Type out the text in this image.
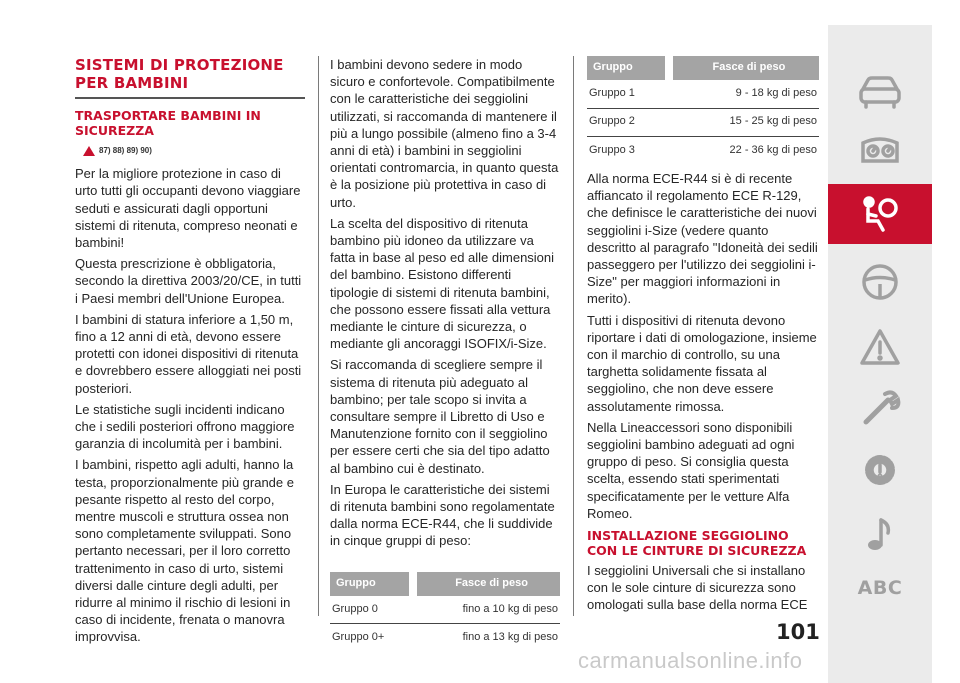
SISTEMI DI PROTEZIONE PER BAMBINI
TRASPORTARE BAMBINI IN SICUREZZA
87) 88) 89) 90)

Per la migliore protezione in caso di urto tutti gli occupanti devono viaggiare seduti e assicurati dagli opportuni sistemi di ritenuta, compreso neonati e bambini!

Questa prescrizione è obbligatoria, secondo la direttiva 2003/20/CE, in tutti i Paesi membri dell'Unione Europea.

I bambini di statura inferiore a 1,50 m, fino a 12 anni di età, devono essere protetti con idonei dispositivi di ritenuta e dovrebbero essere alloggiati nei posti posteriori.

Le statistiche sugli incidenti indicano che i sedili posteriori offrono maggiore garanzia di incolumità per i bambini.

I bambini, rispetto agli adulti, hanno la testa, proporzionalmente più grande e pesante rispetto al resto del corpo, mentre muscoli e struttura ossea non sono completamente sviluppati. Sono pertanto necessari, per il loro corretto trattenimento in caso di urto, sistemi diversi dalle cinture degli adulti, per ridurre al minimo il rischio di lesioni in caso di incidente, frenata o manovra improvvisa.

I bambini devono sedere in modo sicuro e confortevole. Compatibilmente con le caratteristiche dei seggiolini utilizzati, si raccomanda di mantenere il più a lungo possibile (almeno fino a 3-4 anni di età) i bambini in seggiolini orientati contromarcia, in quanto questa è la posizione più protettiva in caso di urto.

La scelta del dispositivo di ritenuta bambino più idoneo da utilizzare va fatta in base al peso ed alle dimensioni del bambino. Esistono differenti tipologie di sistemi di ritenuta bambini, che possono essere fissati alla vettura mediante le cinture di sicurezza, o mediante gli ancoraggi ISOFIX/i-Size.

Si raccomanda di scegliere sempre il sistema di ritenuta più adeguato al bambino; per tale scopo si invita a consultare sempre il Libretto di Uso e Manutenzione fornito con il seggiolino per essere certi che sia del tipo adatto al bambino cui è destinato.

In Europa le caratteristiche dei sistemi di ritenuta bambini sono regolamentate dalla norma ECE-R44, che li suddivide in cinque gruppi di peso:

Gruppo	Fasce di peso
Gruppo 0	fino a 10 kg di peso
Gruppo 0+	fino a 13 kg di peso
Gruppo	Fasce di peso
Gruppo 1	9 - 18 kg di peso
Gruppo 2	15 - 25 kg di peso
Gruppo 3	22 - 36 kg di peso

Alla norma ECE-R44 si è di recente affiancato il regolamento ECE R-129, che definisce le caratteristiche dei nuovi seggiolini i-Size (vedere quanto descritto al paragrafo "Idoneità dei sedili passeggero per l'utilizzo dei seggiolini i-Size" per maggiori informazioni in merito).

Tutti i dispositivi di ritenuta devono riportare i dati di omologazione, insieme con il marchio di controllo, su una targhetta solidamente fissata al seggiolino, che non deve essere assolutamente rimossa.

Nella Lineaccessori sono disponibili seggiolini bambino adeguati ad ogni gruppo di peso. Si consiglia questa scelta, essendo stati sperimentati specificatamente per le vetture Alfa Romeo.

INSTALLAZIONE SEGGIOLINO CON LE CINTURE DI SICUREZZA

I seggiolini Universali che si installano con le sole cinture di sicurezza sono omologati sulla base della norma ECE

ABC
101
carmanualsonline.info
